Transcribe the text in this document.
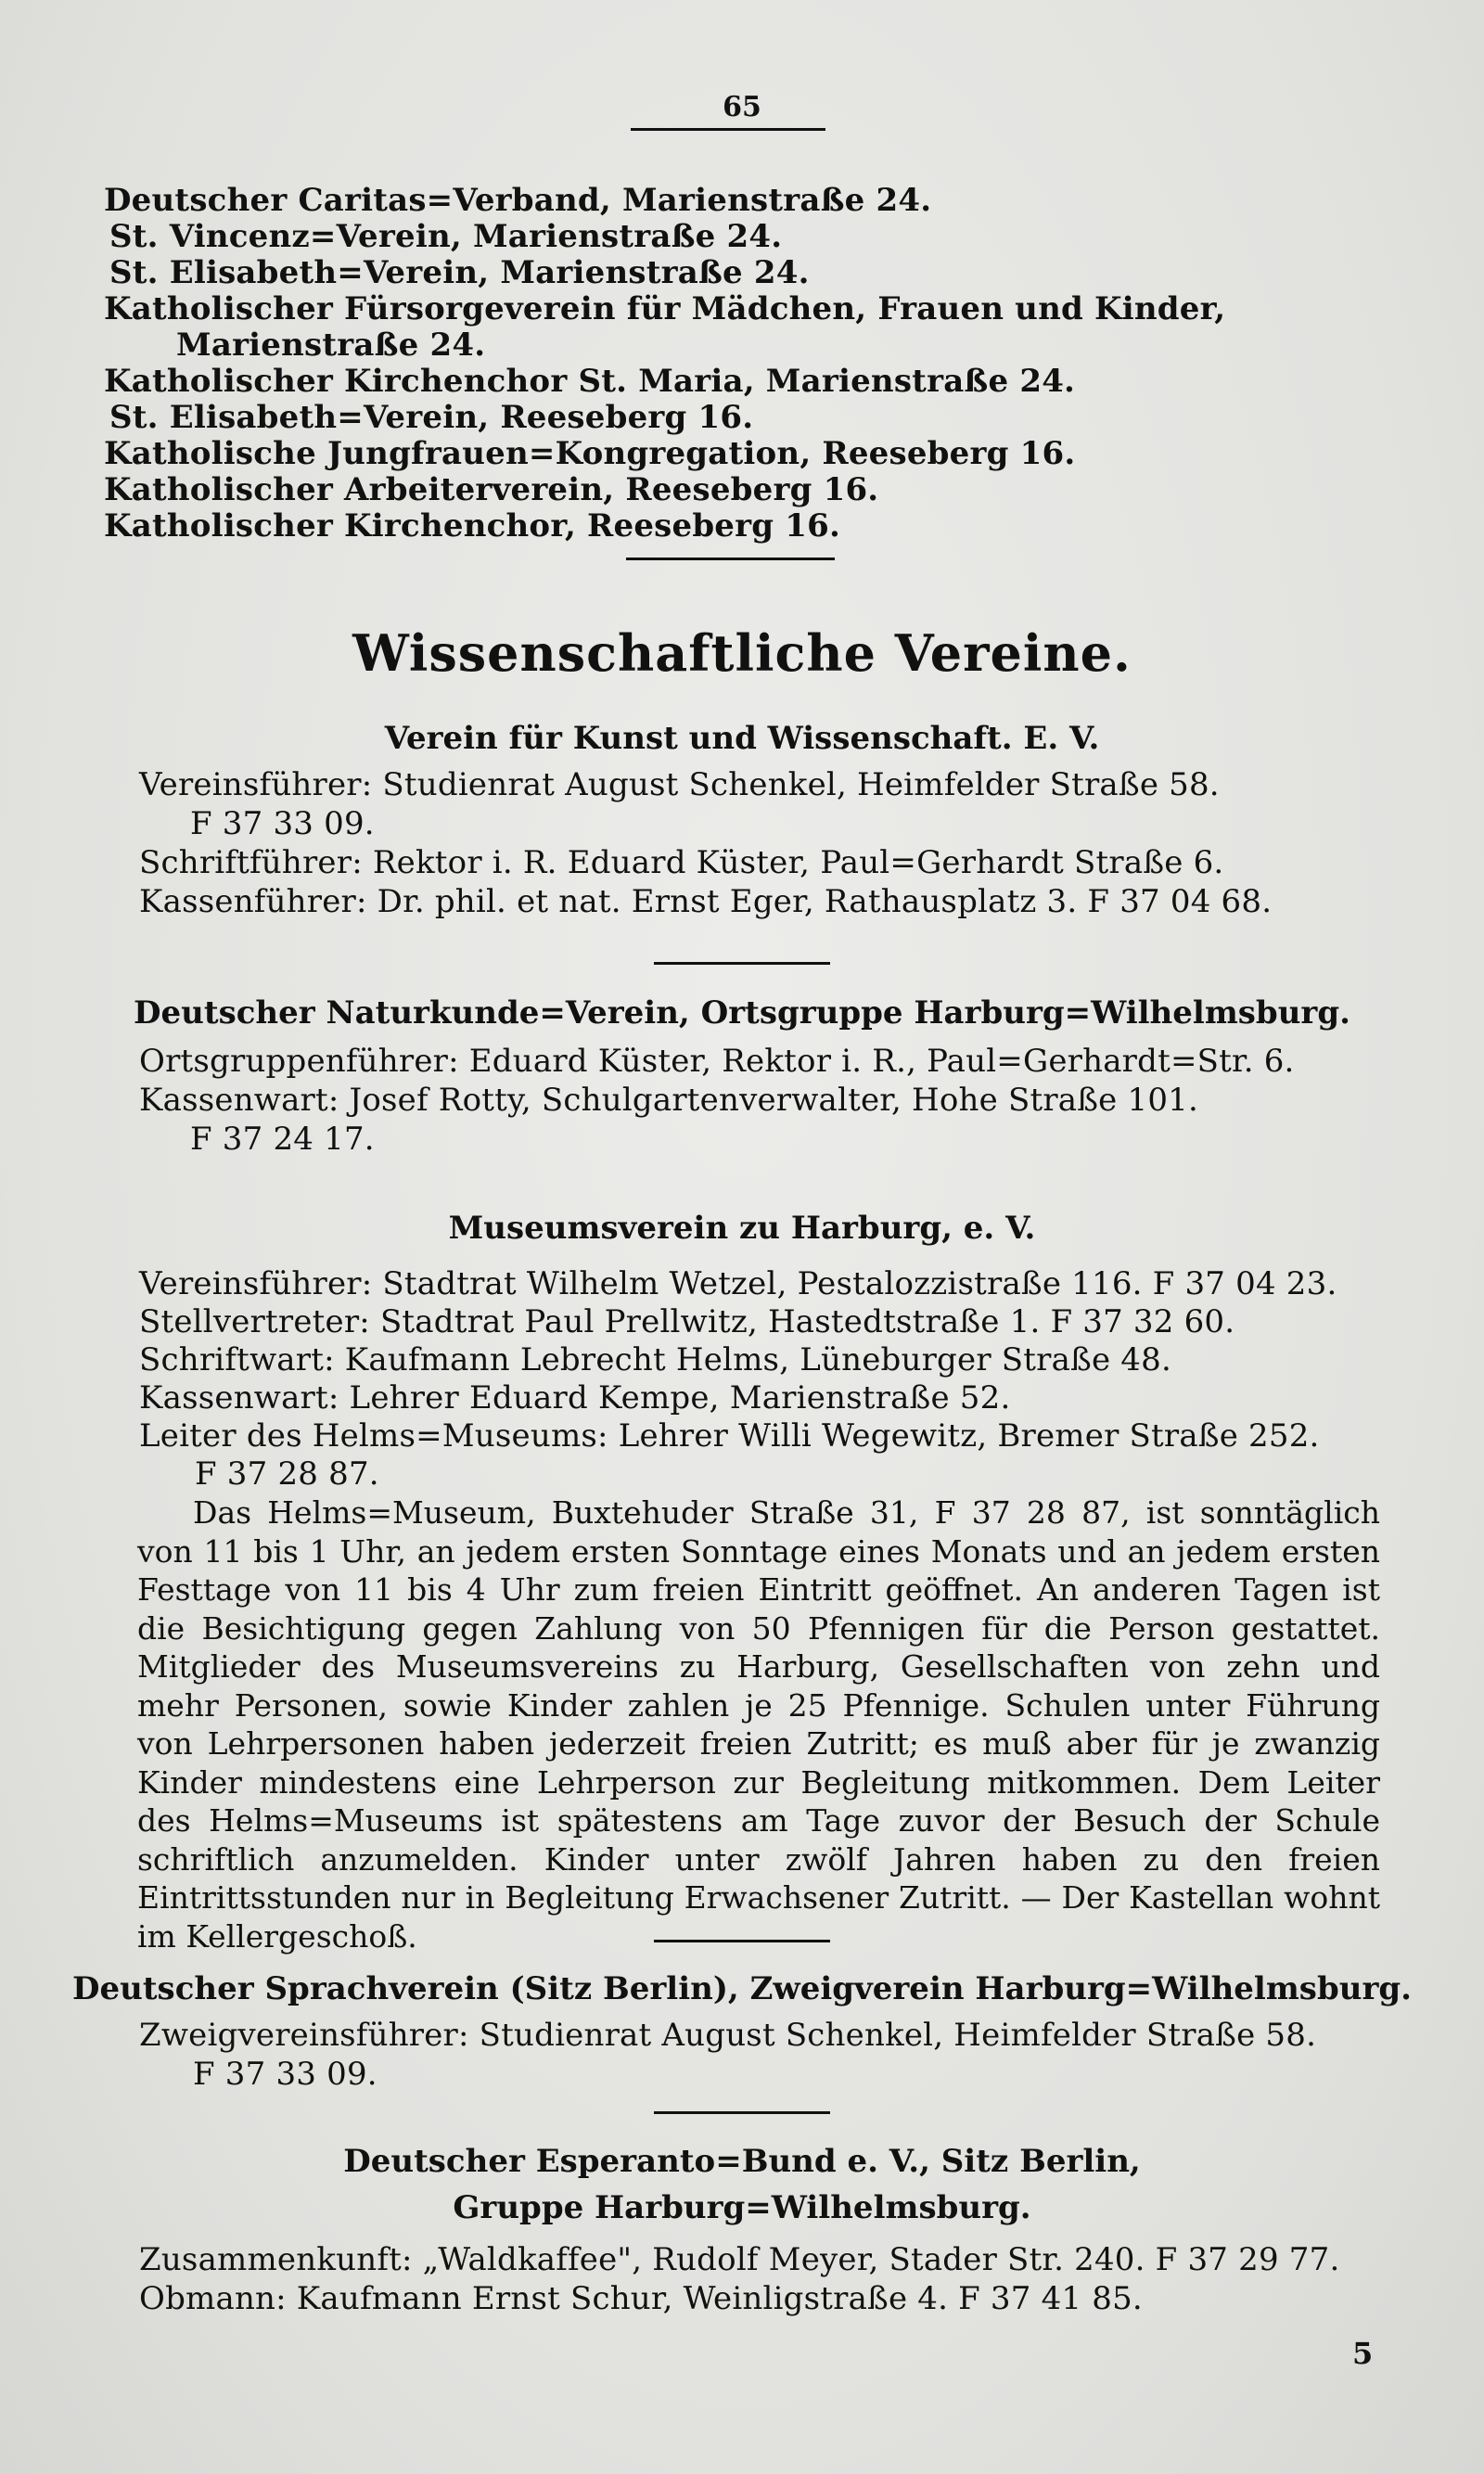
65
Deutscher Caritas=Verband, Marienstraße 24.
St. Vincenz=Verein, Marienstraße 24.
St. Elisabeth=Verein, Marienstraße 24.
Katholischer Fürsorgeverein für Mädchen, Frauen und Kinder,
Marienstraße 24.
Katholischer Kirchenchor St. Maria, Marienstraße 24.
St. Elisabeth=Verein, Reeseberg 16.
Katholische Jungfrauen=Kongregation, Reeseberg 16.
Katholischer Arbeiterverein, Reeseberg 16.
Katholischer Kirchenchor, Reeseberg 16.
Wissenschaftliche Vereine.
Verein für Kunst und Wissenschaft. E. V.
Vereinsführer: Studienrat August Schenkel, Heimfelder Straße 58.
F 37 33 09.
Schriftführer: Rektor i. R. Eduard Küster, Paul=Gerhardt Straße 6.
Kassenführer: Dr. phil. et nat. Ernst Eger, Rathausplatz 3. F 37 04 68.
Deutscher Naturkunde=Verein, Ortsgruppe Harburg=Wilhelmsburg.
Ortsgruppenführer: Eduard Küster, Rektor i. R., Paul=Gerhardt=Str. 6.
Kassenwart: Josef Rotty, Schulgartenverwalter, Hohe Straße 101.
F 37 24 17.
Museumsverein zu Harburg, e. V.
Vereinsführer: Stadtrat Wilhelm Wetzel, Pestalozzistraße 116. F 37 04 23.
Stellvertreter: Stadtrat Paul Prellwitz, Hastedtstraße 1. F 37 32 60.
Schriftwart: Kaufmann Lebrecht Helms, Lüneburger Straße 48.
Kassenwart: Lehrer Eduard Kempe, Marienstraße 52.
Leiter des Helms=Museums: Lehrer Willi Wegewitz, Bremer Straße 252.
F 37 28 87.
Das Helms=Museum, Buxtehuder Straße 31, F 37 28 87, ist sonntäglich von 11 bis 1 Uhr, an jedem ersten Sonntage eines Monats und an jedem ersten Festtage von 11 bis 4 Uhr zum freien Eintritt geöffnet. An anderen Tagen ist die Besichtigung gegen Zahlung von 50 Pfennigen für die Person gestattet. Mitglieder des Museumsvereins zu Harburg, Gesellschaften von zehn und mehr Personen, sowie Kinder zahlen je 25 Pfennige. Schulen unter Führung von Lehrpersonen haben jederzeit freien Zutritt; es muß aber für je zwanzig Kinder mindestens eine Lehrperson zur Begleitung mitkommen. Dem Leiter des Helms=Museums ist spätestens am Tage zuvor der Besuch der Schule schriftlich anzumelden. Kinder unter zwölf Jahren haben zu den freien Eintrittsstunden nur in Begleitung Erwachsener Zutritt. — Der Kastellan wohnt im Kellergeschoß.
Deutscher Sprachverein (Sitz Berlin), Zweigverein Harburg=Wilhelmsburg.
Zweigvereinsführer: Studienrat August Schenkel, Heimfelder Straße 58.
F 37 33 09.
Deutscher Esperanto=Bund e. V., Sitz Berlin,
Gruppe Harburg=Wilhelmsburg.
Zusammenkunft: „Waldkaffee", Rudolf Meyer, Stader Str. 240. F 37 29 77.
Obmann: Kaufmann Ernst Schur, Weinligstraße 4. F 37 41 85.
5
